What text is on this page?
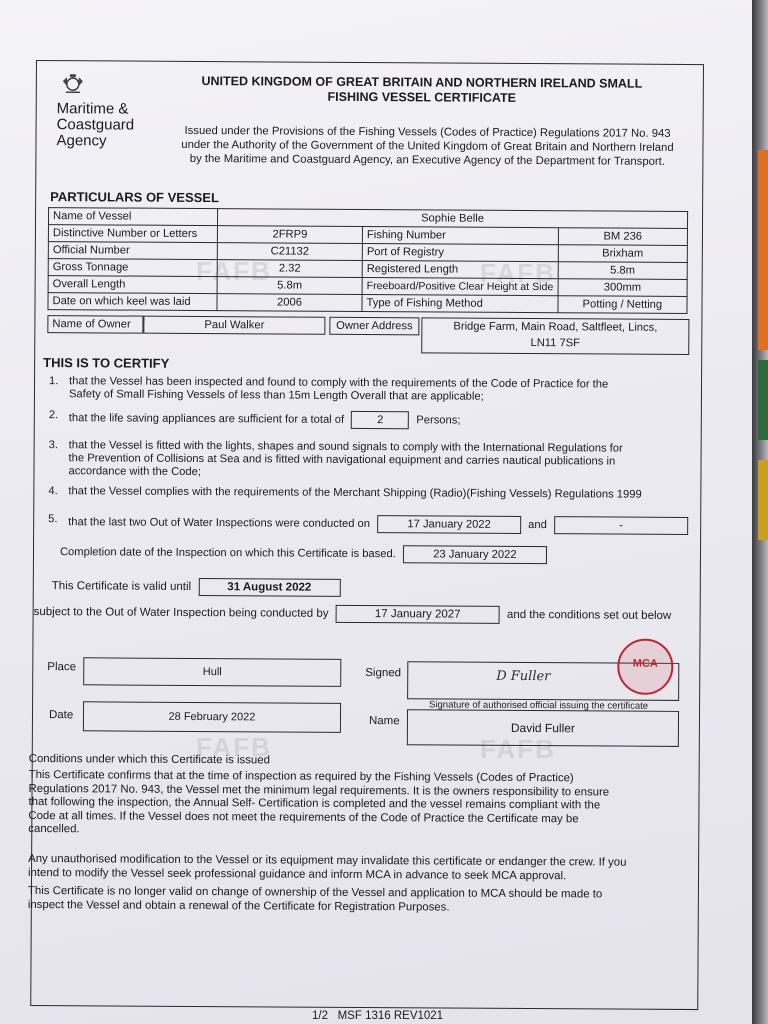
FAFB	FAFB
FAFB	FAFB
Maritime &
Coastguard
Agency
UNITED KINGDOM OF GREAT BRITAIN AND NORTHERN IRELAND SMALL
FISHING VESSEL CERTIFICATE
Issued under the Provisions of the Fishing Vessels (Codes of Practice) Regulations 2017 No. 943
under the Authority of the Government of the United Kingdom of Great Britain and Northern Ireland
by the Maritime and Coastguard Agency, an Executive Agency of the Department for Transport.
PARTICULARS OF VESSEL
Name of Vessel	Sophie Belle		
Distinctive Number or Letters	2FRP9	Fishing Number	BM 236
Official Number	C21132	Port of Registry	Brixham
Gross Tonnage	2.32	Registered Length	5.8m
Overall Length	5.8m	Freeboard/Positive Clear Height at Side	300mm
Date on which keel was laid	2006	Type of Fishing Method	Potting / Netting
Name of Owner	Paul Walker	Owner Address	Bridge Farm, Main Road, Saltfleet, Lincs,
LN11 7SF
THIS IS TO CERTIFY
1. that the Vessel has been inspected and found to comply with the requirements of the Code of Practice for the
Safety of Small Fishing Vessels of less than 15m Length Overall that are applicable;
2. that the life saving appliances are sufficient for a total of	2	Persons;
3. that the Vessel is fitted with the lights, shapes and sound signals to comply with the International Regulations for
the Prevention of Collisions at Sea and is fitted with navigational equipment and carries nautical publications in
accordance with the Code;
4. that the Vessel complies with the requirements of the Merchant Shipping (Radio)(Fishing Vessels) Regulations 1999
5. that the last two Out of Water Inspections were conducted on	17 January 2022	and	-
Completion date of the Inspection on which this Certificate is based.	23 January 2022
This Certificate is valid until	31 August 2022
subject to the Out of Water Inspection being conducted by	17 January 2027	and the conditions set out below
Place	Hull	Signed	D Fuller
MCA
Signature of authorised official issuing the certificate
Date	28 February 2022	Name	David Fuller
Conditions under which this Certificate is issued
This Certificate confirms that at the time of inspection as required by the Fishing Vessels (Codes of Practice)
Regulations 2017 No. 943, the Vessel met the minimum legal requirements. It is the owners responsibility to ensure
that following the inspection, the Annual Self- Certification is completed and the vessel remains compliant with the
Code at all times. If the Vessel does not meet the requirements of the Code of Practice the Certificate may be
cancelled.
Any unauthorised modification to the Vessel or its equipment may invalidate this certificate or endanger the crew. If you
intend to modify the Vessel seek professional guidance and inform MCA in advance to seek MCA approval.
This Certificate is no longer valid on change of ownership of the Vessel and application to MCA should be made to
inspect the Vessel and obtain a renewal of the Certificate for Registration Purposes.
1/2 MSF 1316 REV1021
